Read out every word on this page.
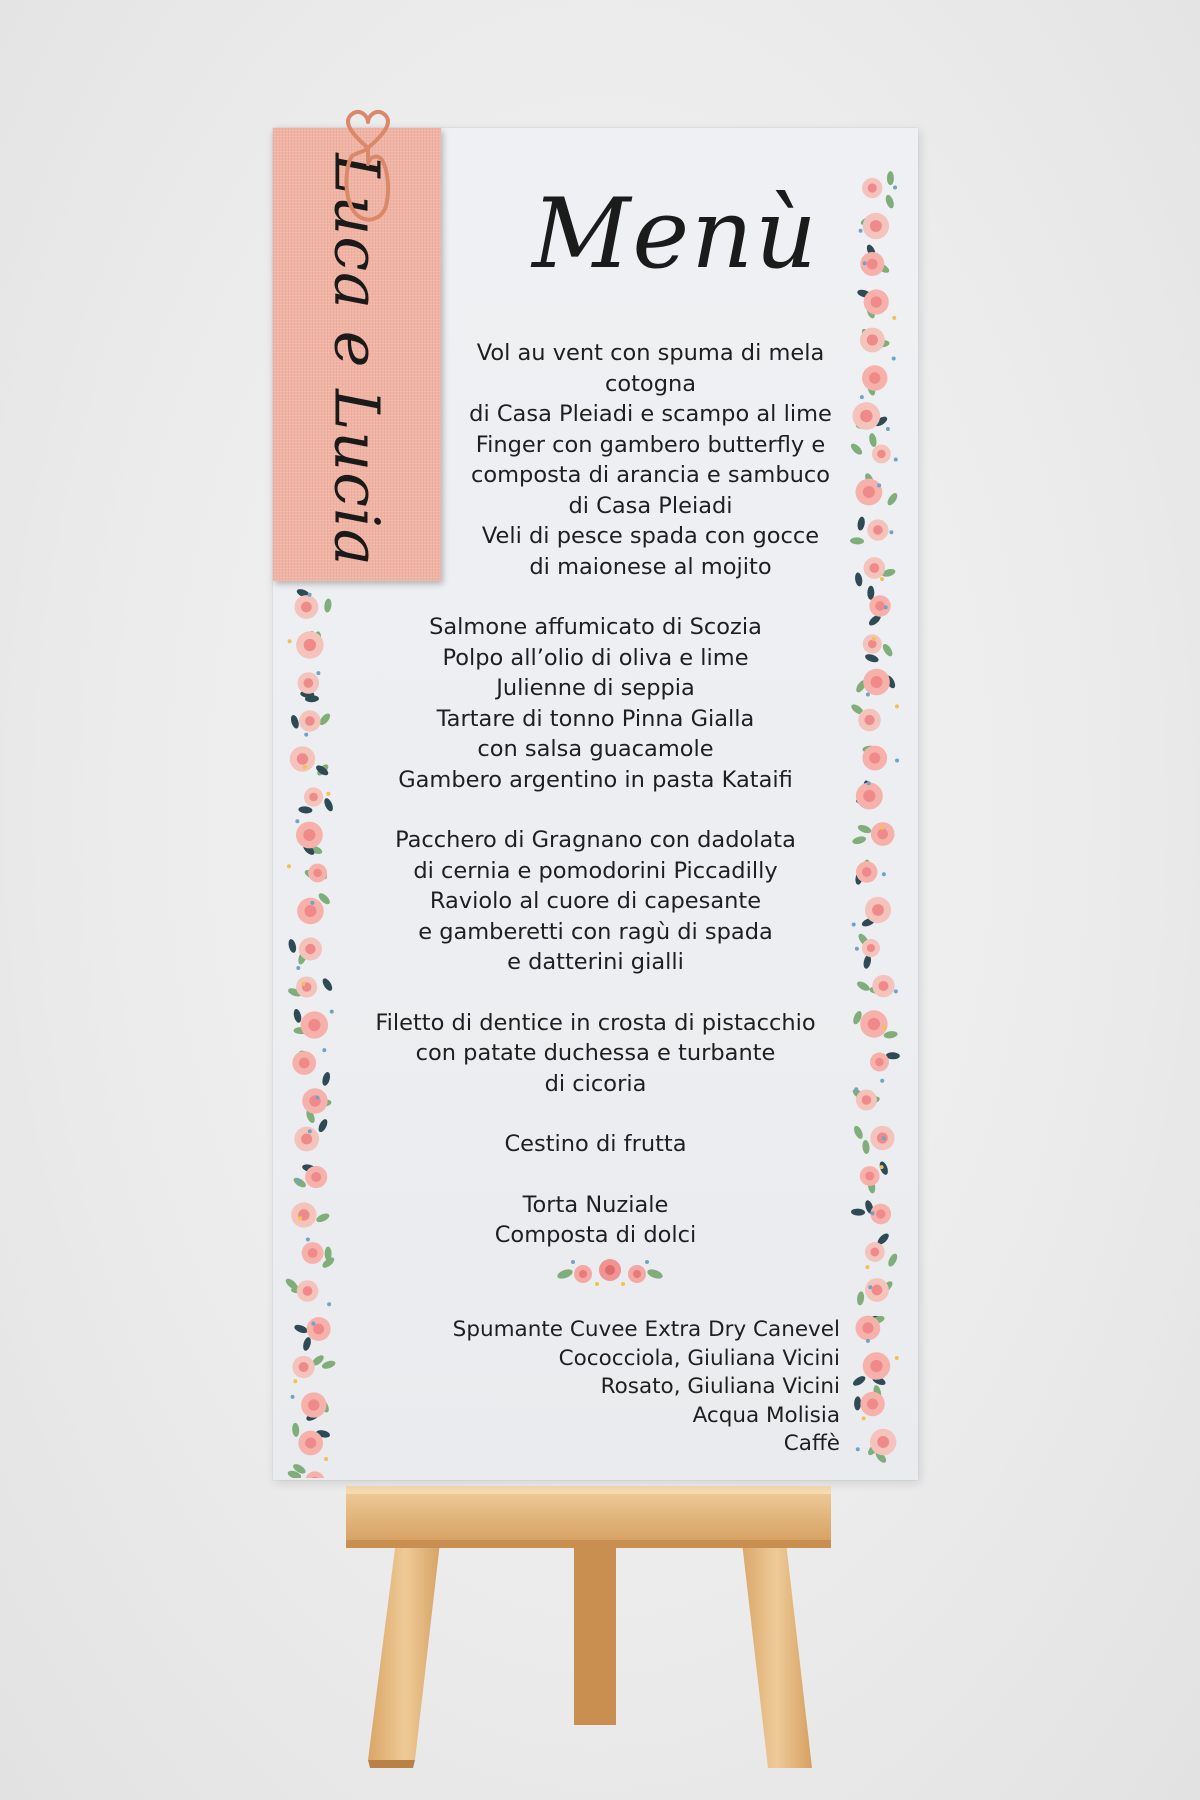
Menù

Vol au vent con spuma di mela cotogna

di Casa Pleiadi e scampo al lime

Finger con gambero butterfly e

composta di arancia e sambuco

di Casa Pleiadi

Veli di pesce spada con gocce

di maionese al mojito

Salmone affumicato di Scozia

Polpo all’olio di oliva e lime

Julienne di seppia

Tartare di tonno Pinna Gialla

con salsa guacamole

Gambero argentino in pasta Kataifi

Pacchero di Gragnano con dadolata

di cernia e pomodorini Piccadilly

Raviolo al cuore di capesante

e gamberetti con ragù di spada

e datterini gialli

Filetto di dentice in crosta di pistacchio

con patate duchessa e turbante

di cicoria

Cestino di frutta

Torta Nuziale

Composta di dolci

Spumante Cuvee Extra Dry Canevel

Cococciola, Giuliana Vicini

Rosato, Giuliana Vicini

Acqua Molisia

Caffè

Luca e Lucia
